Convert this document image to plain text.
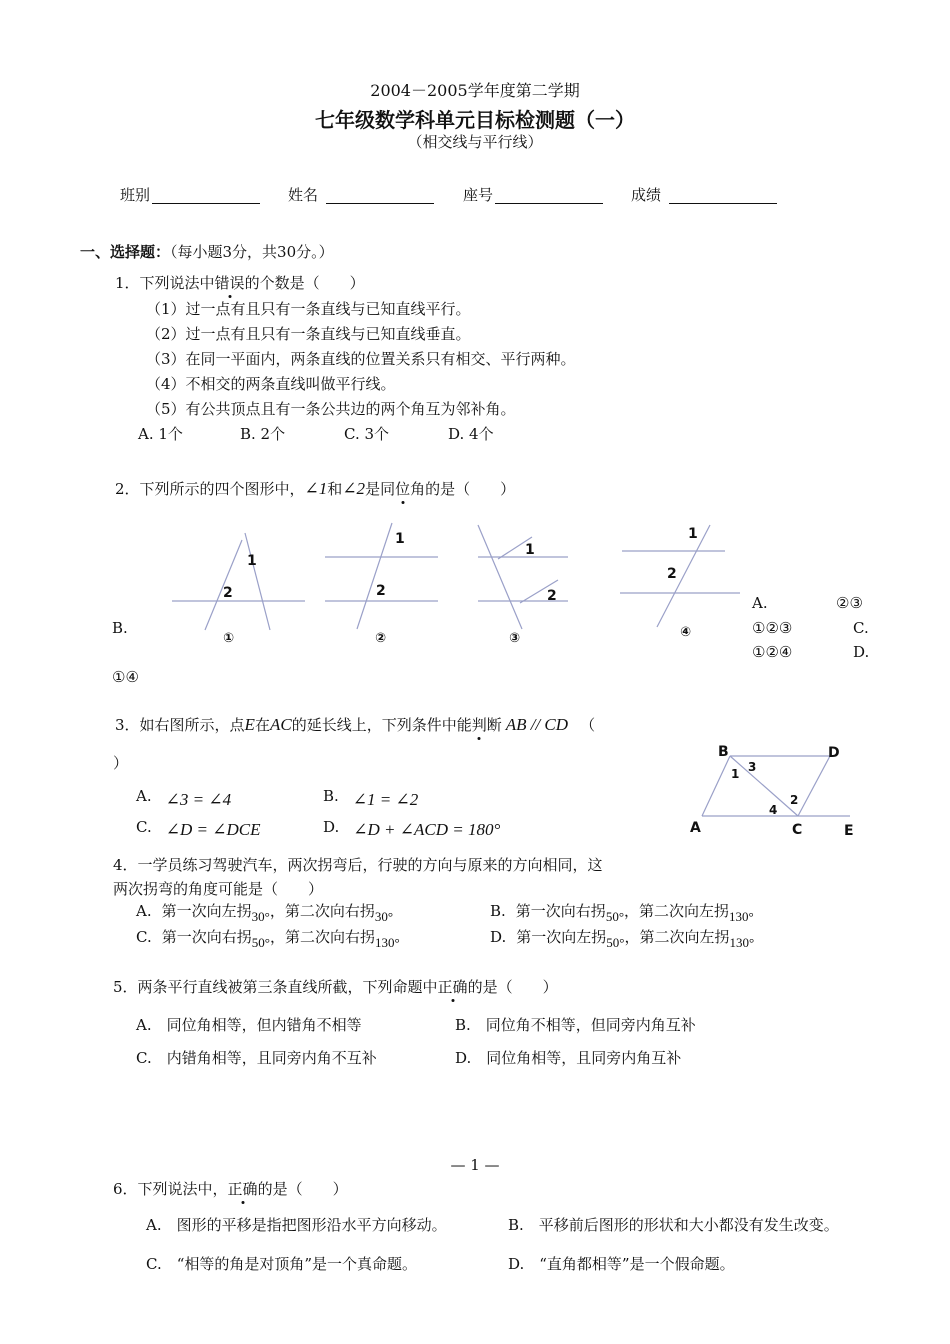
2004－2005学年度第二学期
七年级数学科单元目标检测题（一）
（相交线与平行线）
班别	姓名	座号	成绩
一、选择题：（每小题3分，共30分。）
1．下列说法中错误的个数是（　　）
（1）过一点有且只有一条直线与已知直线平行。
（2）过一点有且只有一条直线与已知直线垂直。
（3）在同一平面内，两条直线的位置关系只有相交、平行两种。
（4）不相交的两条直线叫做平行线。
（5）有公共顶点且有一条公共边的两个角互为邻补角。
A. 1个	B. 2个	C. 3个	D. 4个
2．下列所示的四个图形中，∠1和∠2是同位角的是（　　）
1
2
1
2
1
2
1
2
①	②	③	④
A.	②③
B.	①②③	C.
①②④	D.
①④
3．如右图所示，点E在AC的延长线上，下列条件中能判断 AB // CD （
）
A. ∠3 = ∠4	B. ∠1 = ∠2
C. ∠D = ∠DCE	D. ∠D + ∠ACD = 180°
B	D
A	C	E
1
2
3
4
4．一学员练习驾驶汽车，两次拐弯后，行驶的方向与原来的方向相同，这
两次拐弯的角度可能是（　　）
A. 第一次向左拐30°，第二次向右拐30°	B. 第一次向右拐50°，第二次向左拐130°
C. 第一次向右拐50°，第二次向右拐130°	D. 第一次向左拐50°，第二次向左拐130°
5．两条平行直线被第三条直线所截，下列命题中正确的是（　　）
A.　同位角相等，但内错角不相等	B.　同位角不相等，但同旁内角互补
C.　内错角相等，且同旁内角不互补	D.　同位角相等，且同旁内角互补
— 1 —
6．下列说法中，正确的是（　　）
A.　图形的平移是指把图形沿水平方向移动。	B.　平移前后图形的形状和大小都没有发生改变。
C.　“相等的角是对顶角”是一个真命题。	D.　“直角都相等”是一个假命题。
